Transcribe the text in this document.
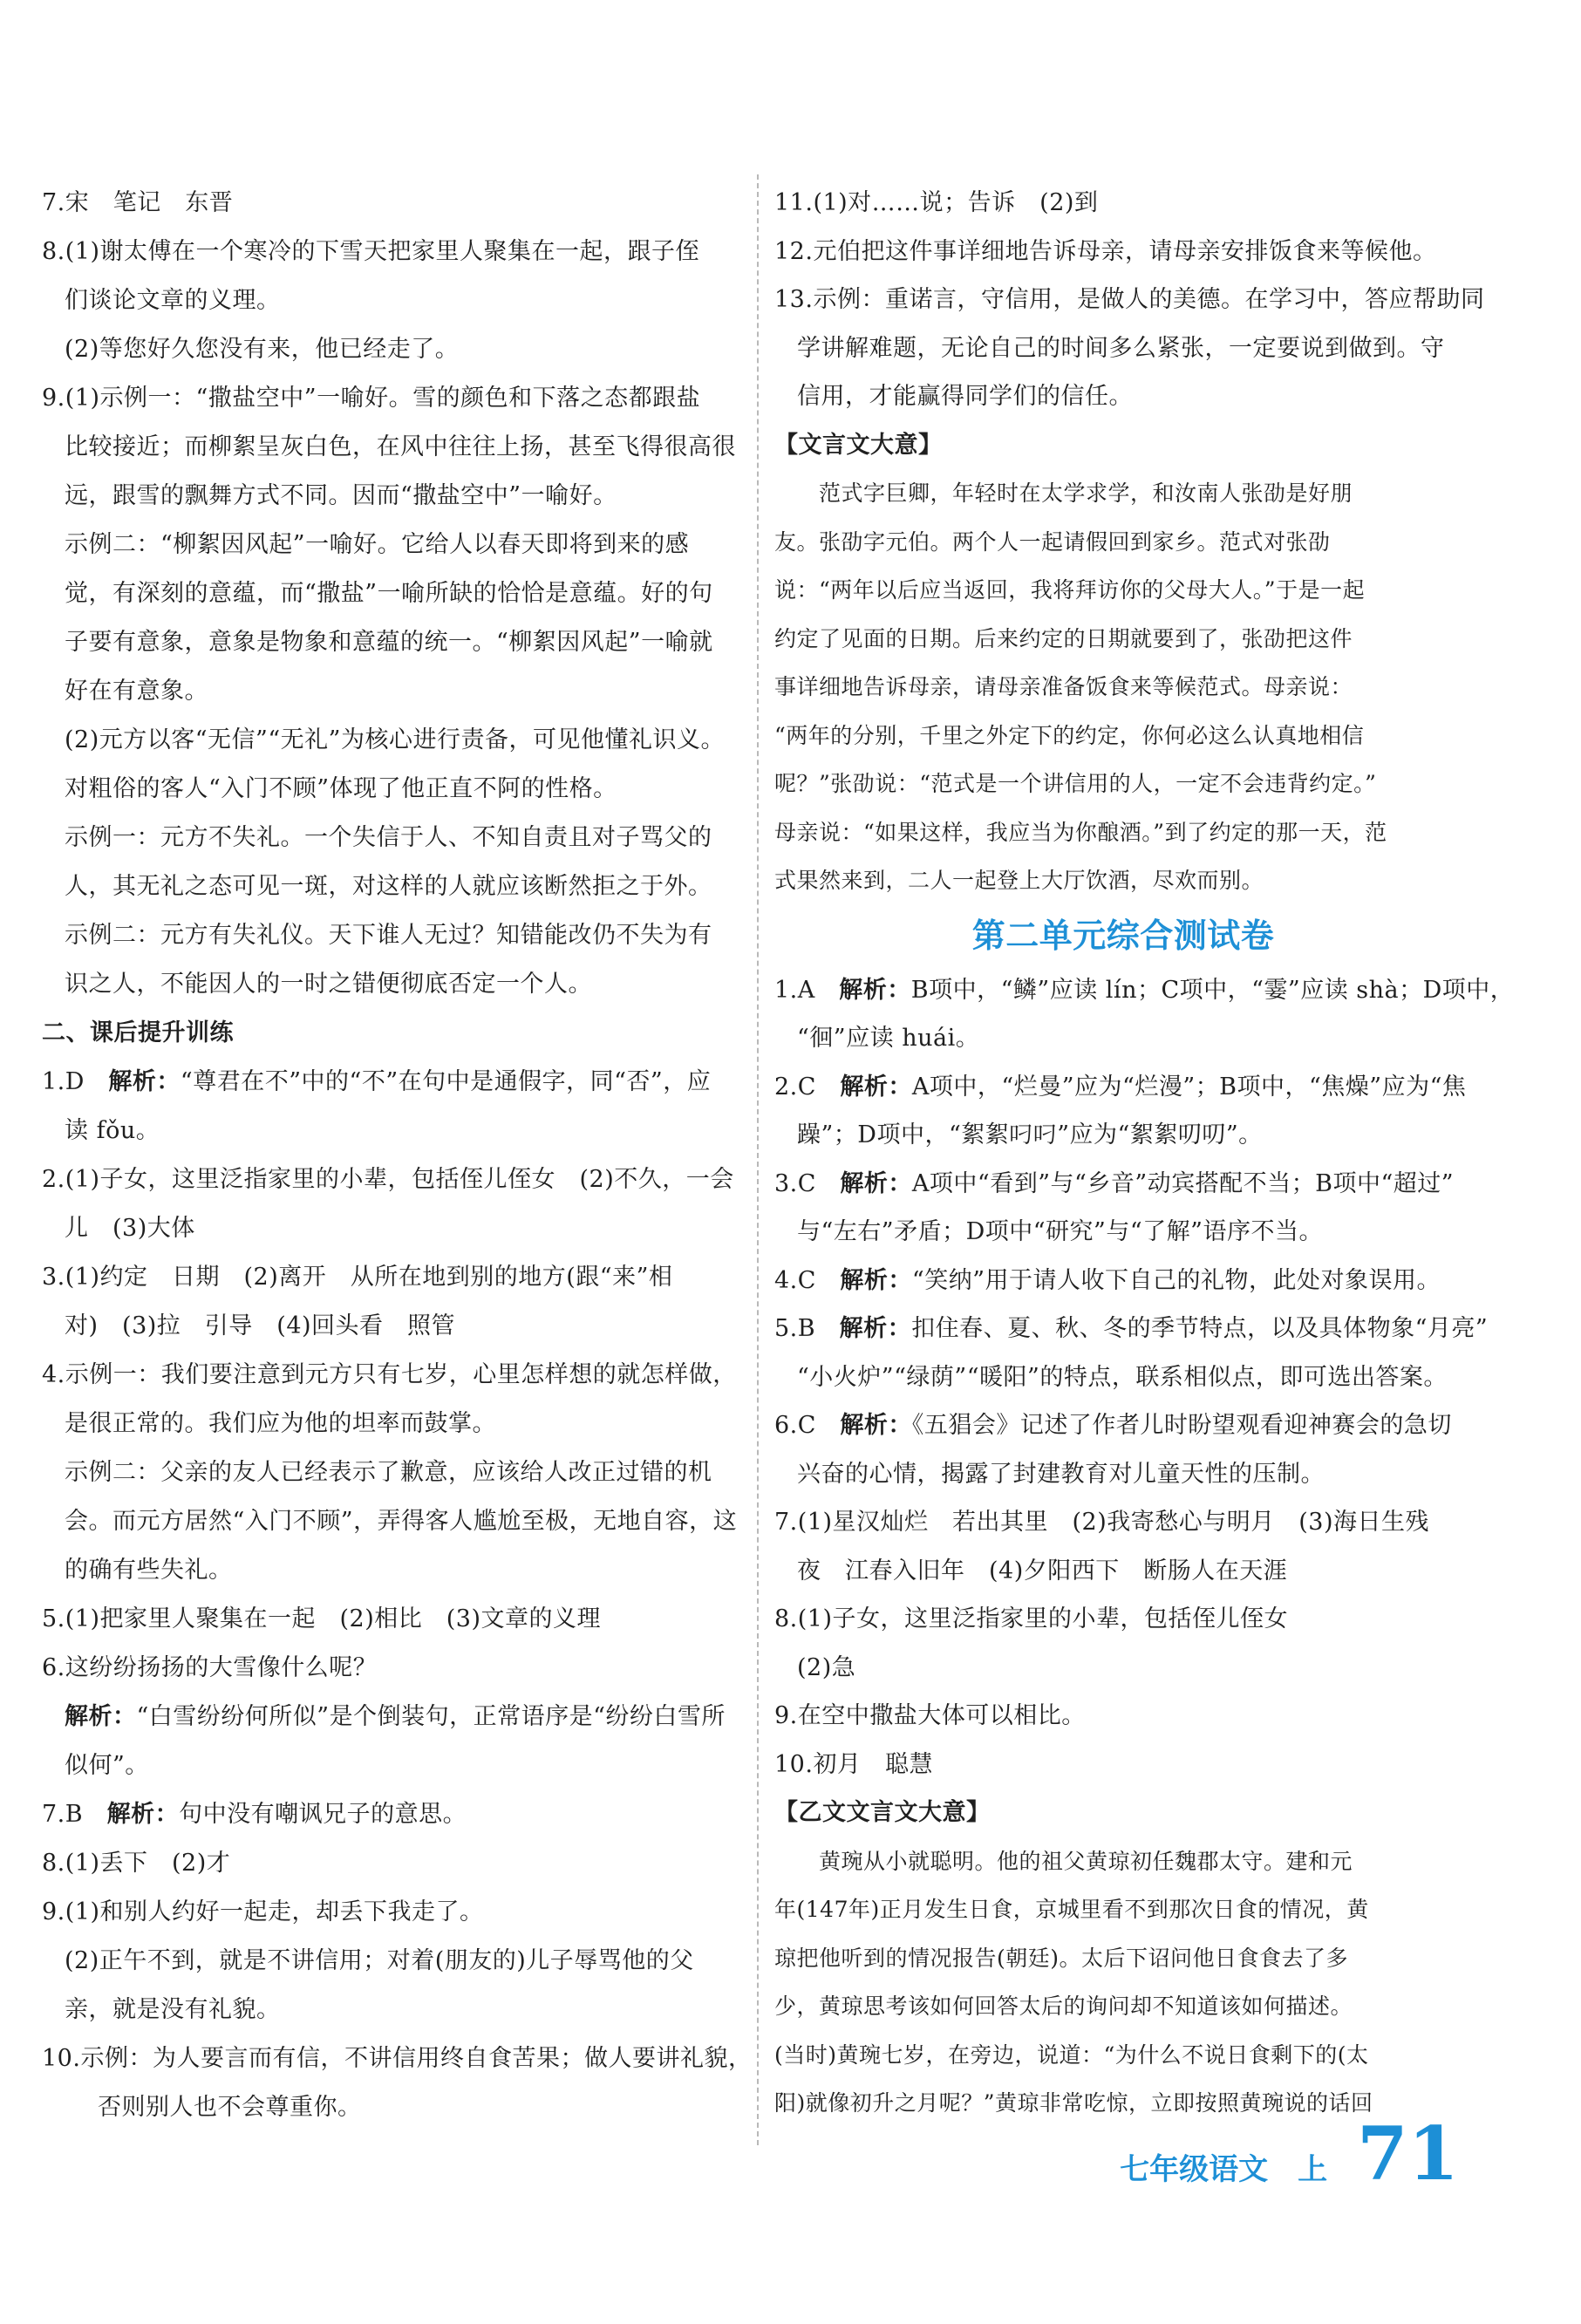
7.宋　笔记　东晋
8.(1)谢太傅在一个寒冷的下雪天把家里人聚集在一起，跟子侄
们谈论文章的义理。
(2)等您好久您没有来，他已经走了。
9.(1)示例一：“撒盐空中”一喻好。雪的颜色和下落之态都跟盐
比较接近；而柳絮呈灰白色，在风中往往上扬，甚至飞得很高很
远，跟雪的飘舞方式不同。因而“撒盐空中”一喻好。
示例二：“柳絮因风起”一喻好。它给人以春天即将到来的感
觉，有深刻的意蕴，而“撒盐”一喻所缺的恰恰是意蕴。好的句
子要有意象，意象是物象和意蕴的统一。“柳絮因风起”一喻就
好在有意象。
(2)元方以客“无信”“无礼”为核心进行责备，可见他懂礼识义。
对粗俗的客人“入门不顾”体现了他正直不阿的性格。
示例一：元方不失礼。一个失信于人、不知自责且对子骂父的
人，其无礼之态可见一斑，对这样的人就应该断然拒之于外。
示例二：元方有失礼仪。天下谁人无过？知错能改仍不失为有
识之人，不能因人的一时之错便彻底否定一个人。
二、课后提升训练
1.D　解析：“尊君在不”中的“不”在句中是通假字，同“否”，应
读 fǒu。
2.(1)子女，这里泛指家里的小辈，包括侄儿侄女　(2)不久，一会
儿　(3)大体
3.(1)约定　日期　(2)离开　从所在地到别的地方(跟“来”相
对)　(3)拉　引导　(4)回头看　照管
4.示例一：我们要注意到元方只有七岁，心里怎样想的就怎样做，
是很正常的。我们应为他的坦率而鼓掌。
示例二：父亲的友人已经表示了歉意，应该给人改正过错的机
会。而元方居然“入门不顾”，弄得客人尴尬至极，无地自容，这
的确有些失礼。
5.(1)把家里人聚集在一起　(2)相比　(3)文章的义理
6.这纷纷扬扬的大雪像什么呢？
解析：“白雪纷纷何所似”是个倒装句，正常语序是“纷纷白雪所
似何”。
7.B　解析：句中没有嘲讽兄子的意思。
8.(1)丢下　(2)才
9.(1)和别人约好一起走，却丢下我走了。
(2)正午不到，就是不讲信用；对着(朋友的)儿子辱骂他的父
亲，就是没有礼貌。
10.示例：为人要言而有信，不讲信用终自食苦果；做人要讲礼貌，
否则别人也不会尊重你。
11.(1)对……说；告诉　(2)到
12.元伯把这件事详细地告诉母亲，请母亲安排饭食来等候他。
13.示例：重诺言，守信用，是做人的美德。在学习中，答应帮助同
学讲解难题，无论自己的时间多么紧张，一定要说到做到。守
信用，才能赢得同学们的信任。
【文言文大意】
　　范式字巨卿，年轻时在太学求学，和汝南人张劭是好朋
友。张劭字元伯。两个人一起请假回到家乡。范式对张劭
说：“两年以后应当返回，我将拜访你的父母大人。”于是一起
约定了见面的日期。后来约定的日期就要到了，张劭把这件
事详细地告诉母亲，请母亲准备饭食来等候范式。母亲说：
“两年的分别，千里之外定下的约定，你何必这么认真地相信
呢？”张劭说：“范式是一个讲信用的人，一定不会违背约定。”
母亲说：“如果这样，我应当为你酿酒。”到了约定的那一天，范
式果然来到，二人一起登上大厅饮酒，尽欢而别。
第二单元综合测试卷
1.A　解析：B项中，“鳞”应读 lín；C项中，“霎”应读 shà；D项中，
“徊”应读 huái。
2.C　解析：A项中，“烂曼”应为“烂漫”；B项中，“焦燥”应为“焦
躁”；D项中，“絮絮叼叼”应为“絮絮叨叨”。
3.C　解析：A项中“看到”与“乡音”动宾搭配不当；B项中“超过”
与“左右”矛盾；D项中“研究”与“了解”语序不当。
4.C　解析：“笑纳”用于请人收下自己的礼物，此处对象误用。
5.B　解析：扣住春、夏、秋、冬的季节特点，以及具体物象“月亮”
“小火炉”“绿荫”“暖阳”的特点，联系相似点，即可选出答案。
6.C　解析：《五猖会》记述了作者儿时盼望观看迎神赛会的急切
兴奋的心情，揭露了封建教育对儿童天性的压制。
7.(1)星汉灿烂　若出其里　(2)我寄愁心与明月　(3)海日生残
夜　江春入旧年　(4)夕阳西下　断肠人在天涯
8.(1)子女，这里泛指家里的小辈，包括侄儿侄女
(2)急
9.在空中撒盐大体可以相比。
10.初月　聪慧
【乙文文言文大意】
　　黄琬从小就聪明。他的祖父黄琼初任魏郡太守。建和元
年(147年)正月发生日食，京城里看不到那次日食的情况，黄
琼把他听到的情况报告(朝廷)。太后下诏问他日食食去了多
少，黄琼思考该如何回答太后的询问却不知道该如何描述。
(当时)黄琬七岁，在旁边，说道：“为什么不说日食剩下的(太
阳)就像初升之月呢？”黄琼非常吃惊，立即按照黄琬说的话回
七年级语文 上 71
